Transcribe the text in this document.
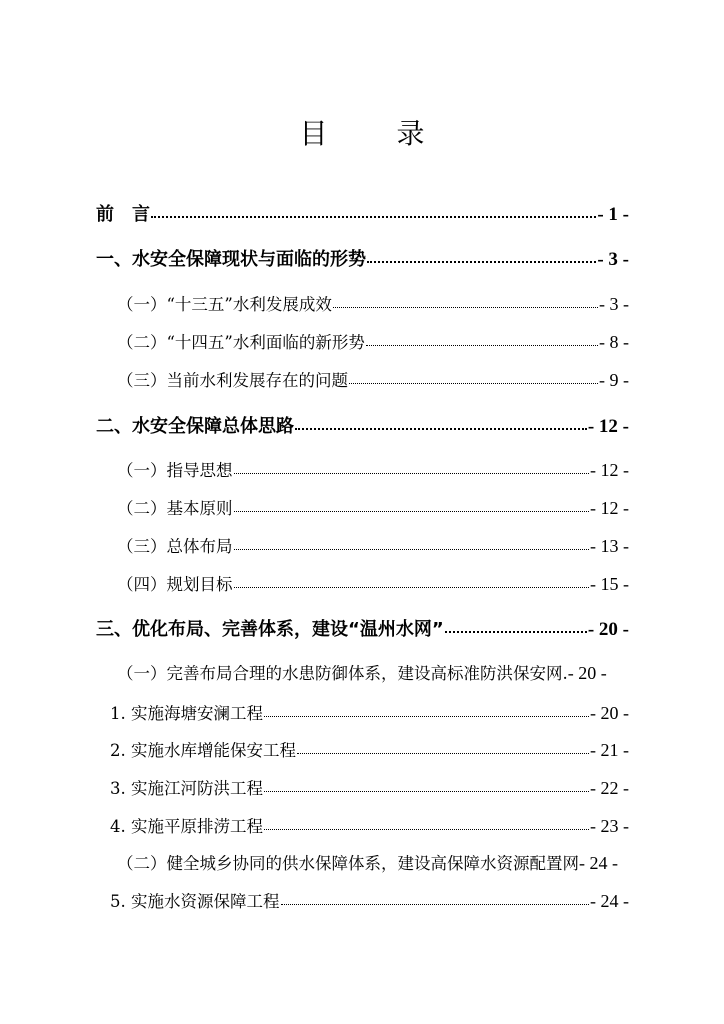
目 录
前　言	- 1 -
一、水安全保障现状与面临的形势	- 3 -
（一）“十三五”水利发展成效	- 3 -
（二）“十四五”水利面临的新形势	- 8 -
（三）当前水利发展存在的问题	- 9 -
二、水安全保障总体思路	- 12 -
（一）指导思想	- 12 -
（二）基本原则	- 12 -
（三）总体布局	- 13 -
（四）规划目标	- 15 -
三、优化布局、完善体系，建设“温州水网”	- 20 -
（一）完善布局合理的水患防御体系，建设高标准防洪保安网. - 20 -
1. 实施海塘安澜工程	- 20 -
2. 实施水库增能保安工程	- 21 -
3. 实施江河防洪工程	- 22 -
4. 实施平原排涝工程	- 23 -
（二）健全城乡协同的供水保障体系，建设高保障水资源配置网 - 24 -
5. 实施水资源保障工程	- 24 -
